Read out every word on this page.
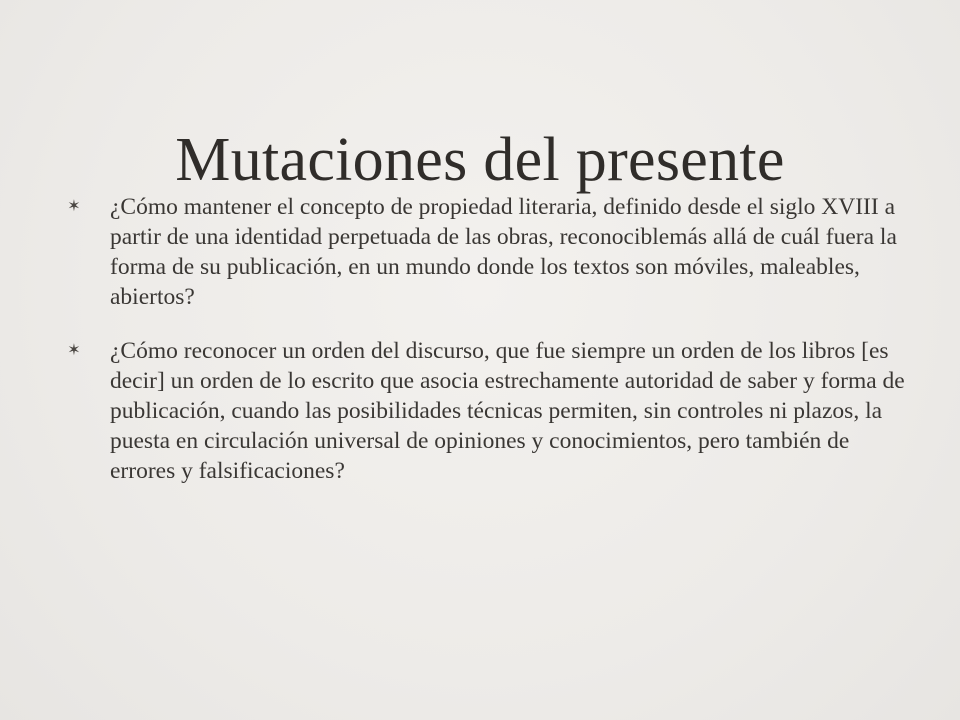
Mutaciones del presente
✶ ¿Cómo mantener el concepto de propiedad literaria, definido desde el siglo XVIII a partir de una identidad perpetuada de las obras, reconociblemás allá de cuál fuera la forma de su publicación, en un mundo donde los textos son móviles, maleables, abiertos?
✶ ¿Cómo reconocer un orden del discurso, que fue siempre un orden de los libros [es decir] un orden de lo escrito que asocia estrechamente autoridad de saber y forma de publicación, cuando las posibilidades técnicas permiten, sin controles ni plazos, la puesta en circulación universal de opiniones y conocimientos, pero también de errores y falsificaciones?
